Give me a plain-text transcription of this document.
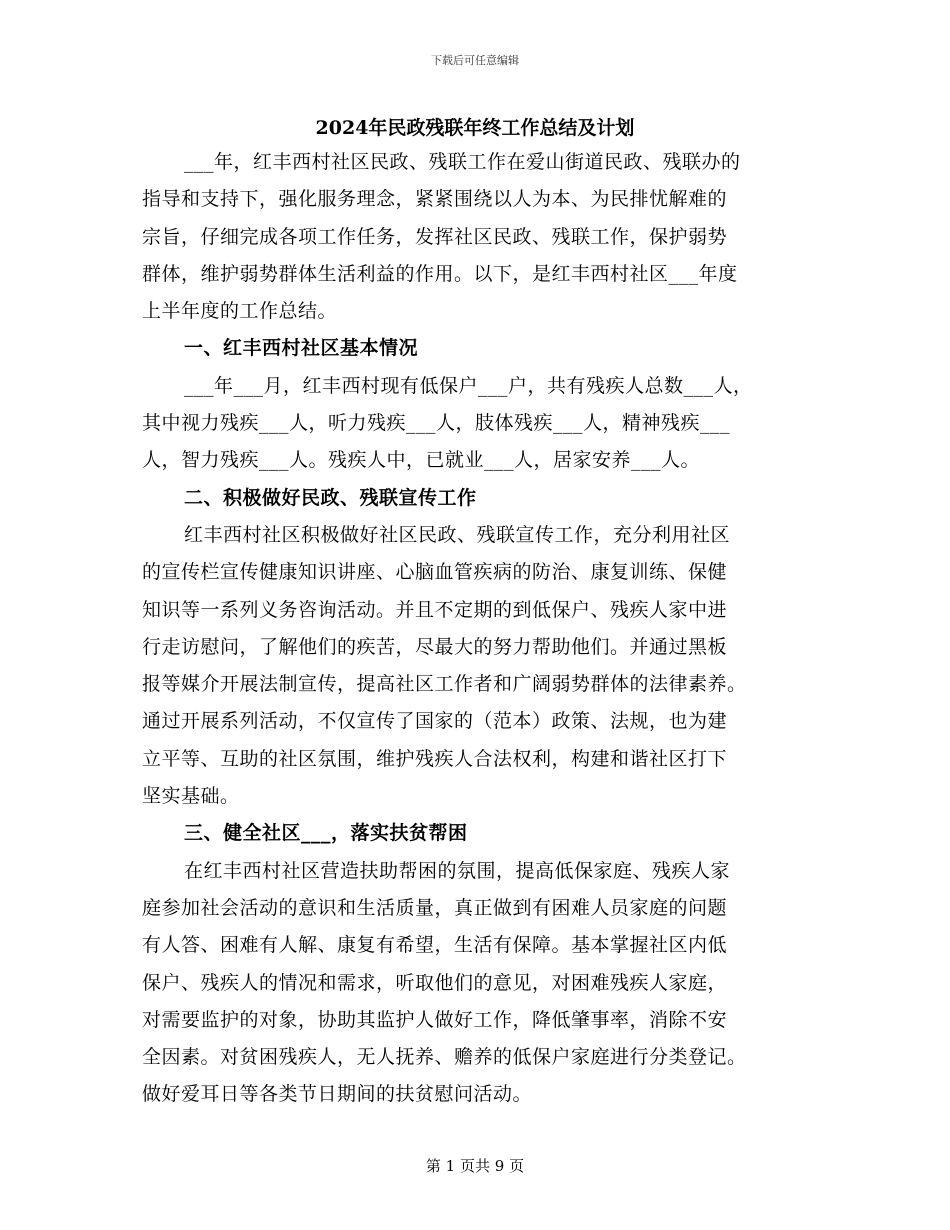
下载后可任意编辑
2024年民政残联年终工作总结及计划
___年，红丰西村社区民政、残联工作在爱山街道民政、残联办的
指导和支持下，强化服务理念，紧紧围绕以人为本、为民排忧解难的
宗旨，仔细完成各项工作任务，发挥社区民政、残联工作，保护弱势
群体，维护弱势群体生活利益的作用。以下，是红丰西村社区___年度
上半年度的工作总结。
一、红丰西村社区基本情况
___年___月，红丰西村现有低保户___户，共有残疾人总数___人，
其中视力残疾___人，听力残疾___人，肢体残疾___人，精神残疾___
人，智力残疾___人。残疾人中，已就业___人，居家安养___人。
二、积极做好民政、残联宣传工作
红丰西村社区积极做好社区民政、残联宣传工作，充分利用社区
的宣传栏宣传健康知识讲座、心脑血管疾病的防治、康复训练、保健
知识等一系列义务咨询活动。并且不定期的到低保户、残疾人家中进
行走访慰问，了解他们的疾苦，尽最大的努力帮助他们。并通过黑板
报等媒介开展法制宣传，提高社区工作者和广阔弱势群体的法律素养。
通过开展系列活动，不仅宣传了国家的（范本）政策、法规，也为建
立平等、互助的社区氛围，维护残疾人合法权利，构建和谐社区打下
坚实基础。
三、健全社区___，落实扶贫帮困
在红丰西村社区营造扶助帮困的氛围，提高低保家庭、残疾人家
庭参加社会活动的意识和生活质量，真正做到有困难人员家庭的问题
有人答、困难有人解、康复有希望，生活有保障。基本掌握社区内低
保户、残疾人的情况和需求，听取他们的意见，对困难残疾人家庭，
对需要监护的对象，协助其监护人做好工作，降低肇事率，消除不安
全因素。对贫困残疾人，无人抚养、赡养的低保户家庭进行分类登记。
做好爱耳日等各类节日期间的扶贫慰问活动。
第 1 页共 9 页
